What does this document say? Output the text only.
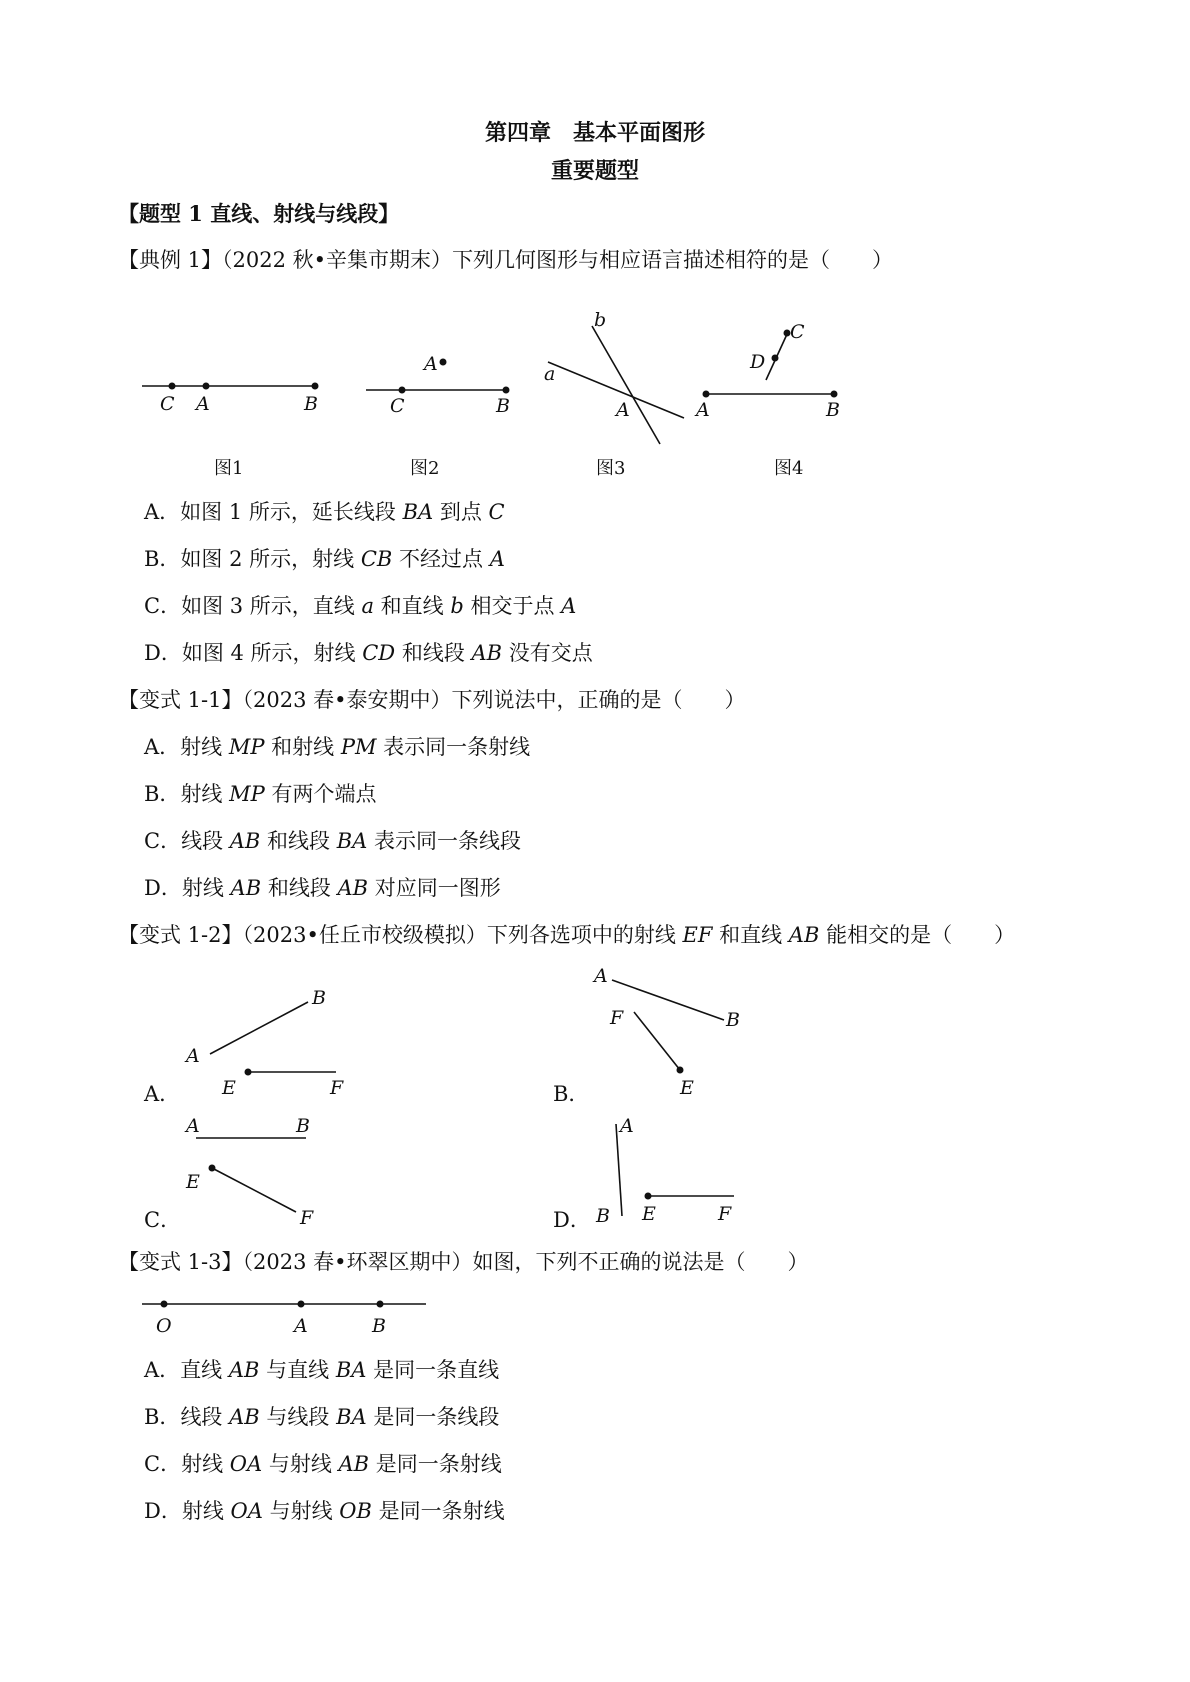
第四章　基本平面图形
重要题型
【题型 1 直线、射线与线段】
【典例 1】（2022 秋•辛集市期末）下列几何图形与相应语言描述相符的是（　　）
C A	B
图1
A
C	B
图2
b
a
A
图3
C
D
A	B
图4
B
A
E	F
A
B
F
E
A	B
E
F
A
B E	F
O	A	B
A．如图 1 所示，延长线段 BA 到点 C
B．如图 2 所示，射线 CB 不经过点 A
C．如图 3 所示，直线 a 和直线 b 相交于点 A
D．如图 4 所示，射线 CD 和线段 AB 没有交点
【变式 1-1】（2023 春•泰安期中）下列说法中，正确的是（　　）
A．射线 MP 和射线 PM 表示同一条射线
B．射线 MP 有两个端点
C．线段 AB 和线段 BA 表示同一条线段
D．射线 AB 和线段 AB 对应同一图形
【变式 1-2】（2023•任丘市校级模拟）下列各选项中的射线 EF 和直线 AB 能相交的是（　　）
A．	B．
C．	D．
【变式 1-3】（2023 春•环翠区期中）如图，下列不正确的说法是（　　）
A．直线 AB 与直线 BA 是同一条直线
B．线段 AB 与线段 BA 是同一条线段
C．射线 OA 与射线 AB 是同一条射线
D．射线 OA 与射线 OB 是同一条射线
